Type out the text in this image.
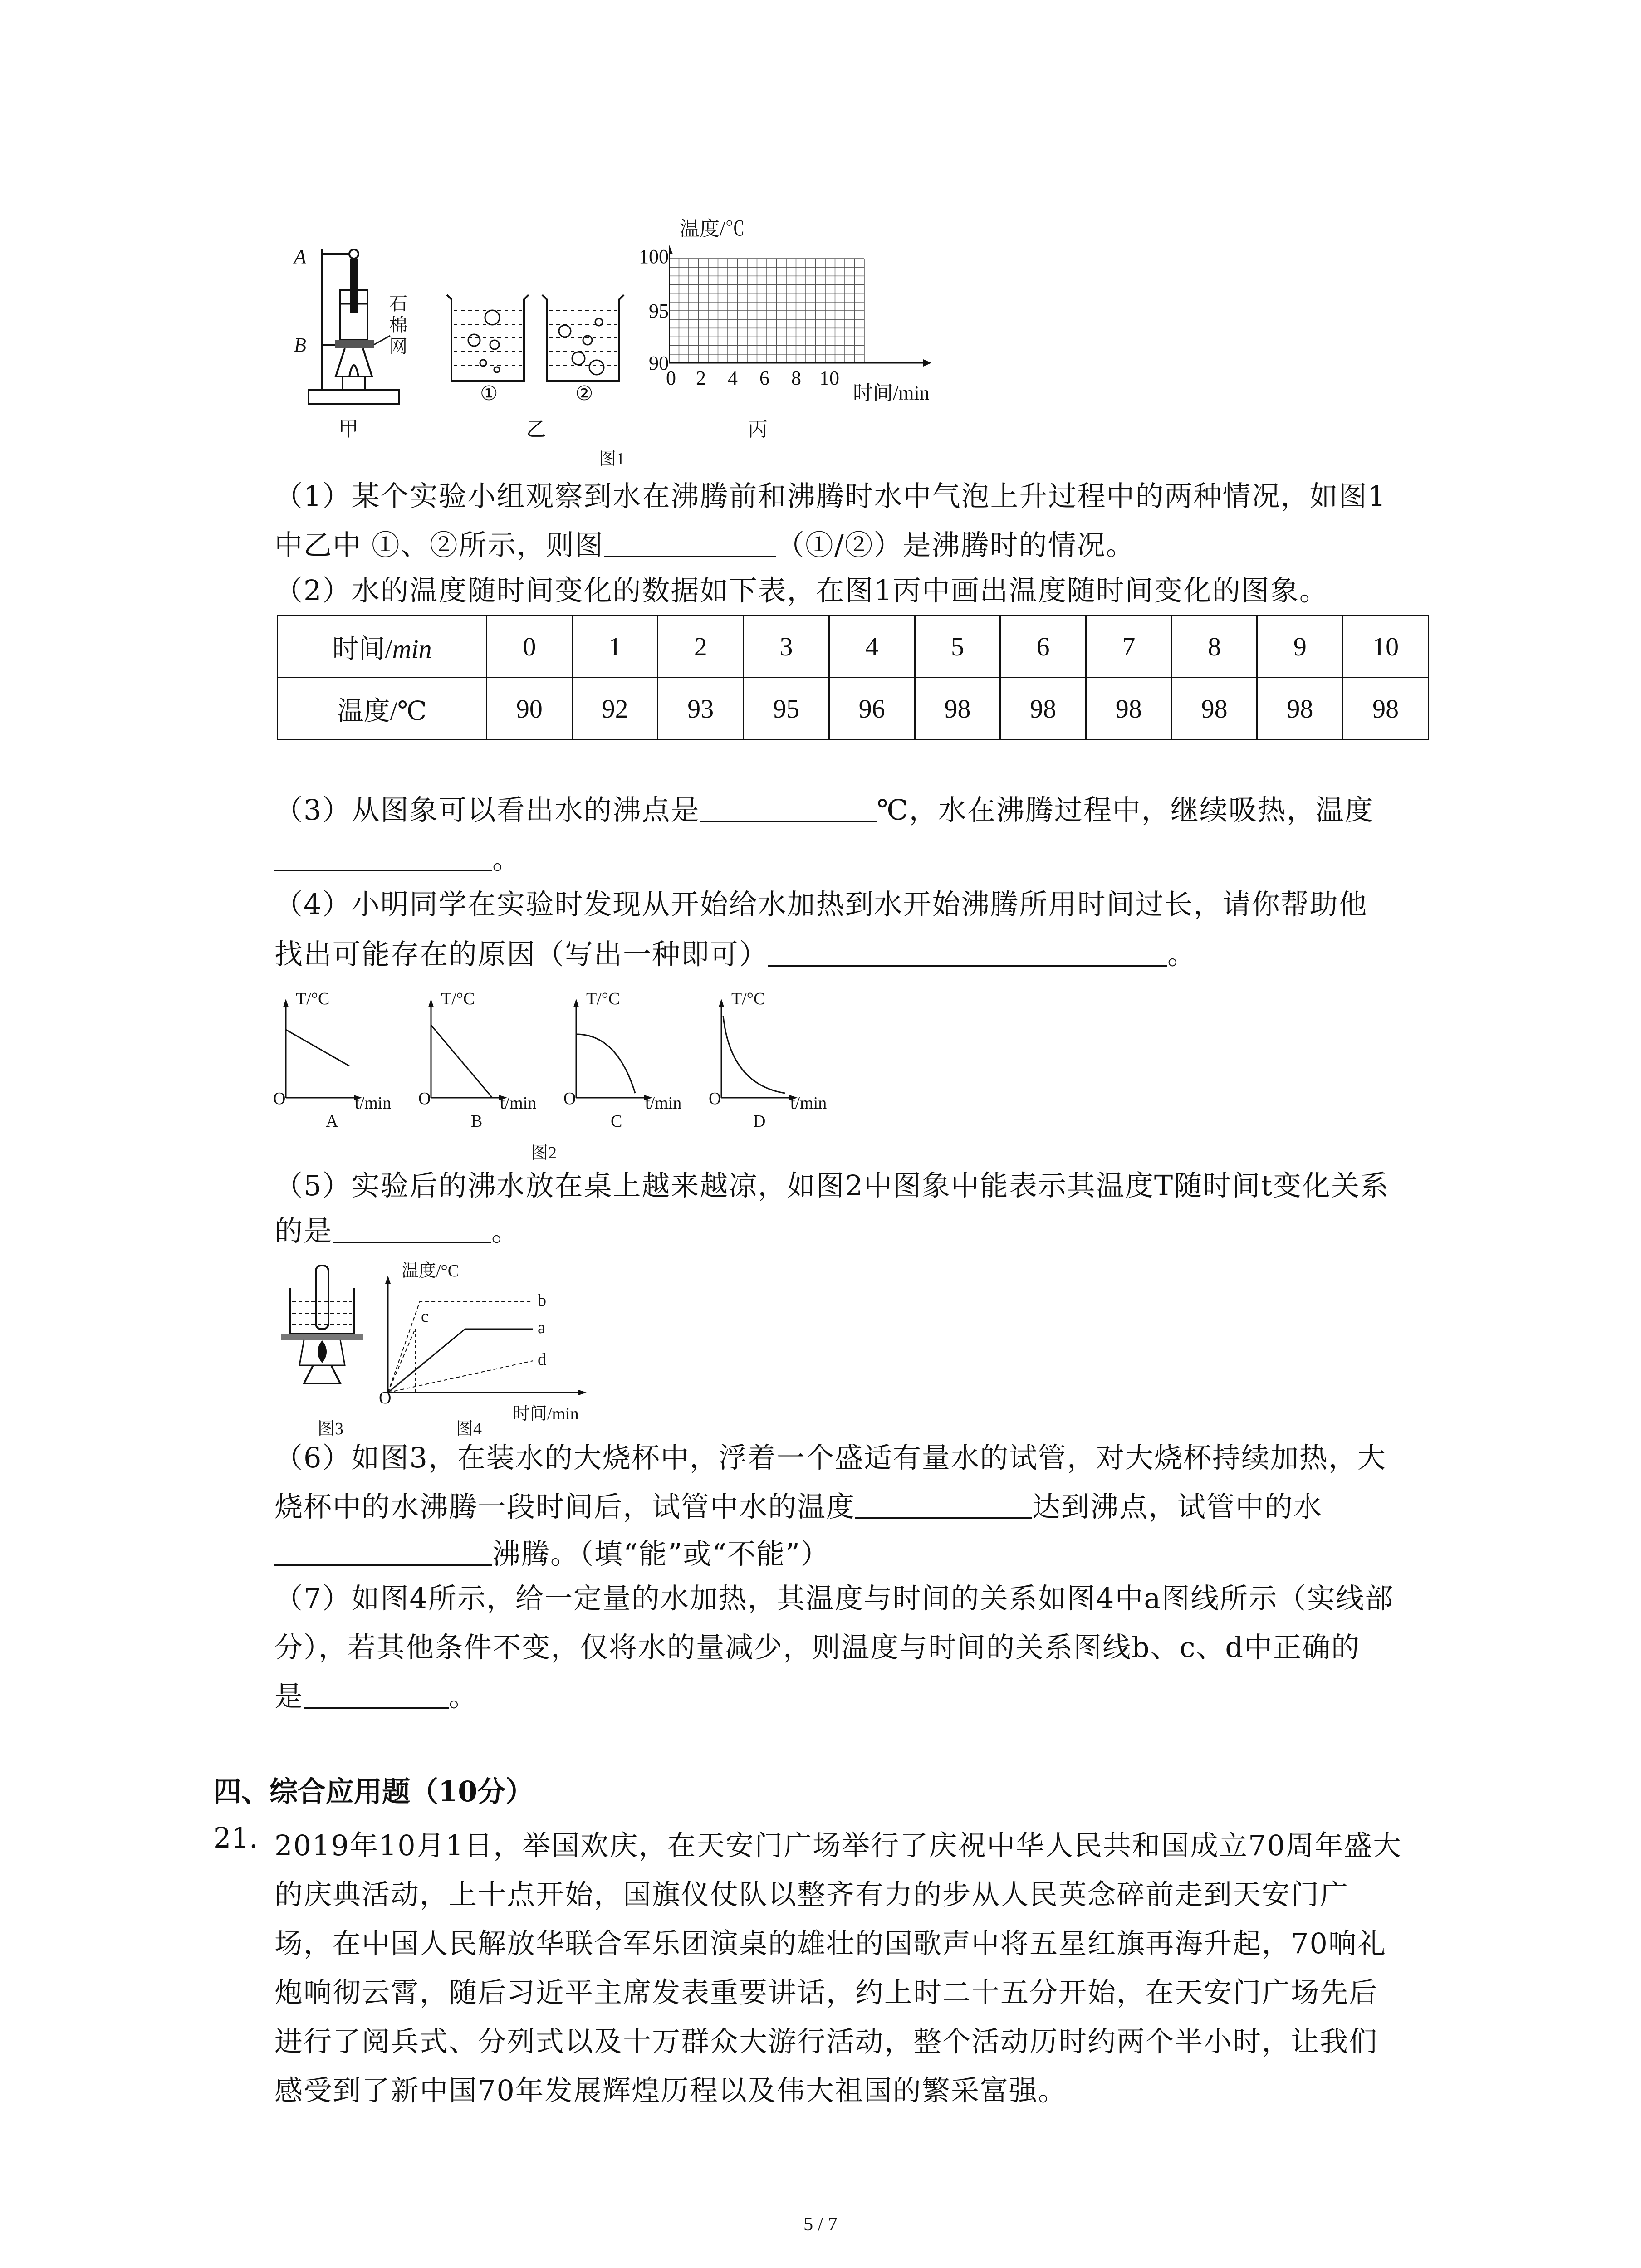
A
B
石
棉
网
①	②
温度/℃
100
95
90
0 2 4 6 8 10
时间/min
甲	乙	丙
图1
（1）某个实验小组观察到水在沸腾前和沸腾时水中气泡上升过程中的两种情况，如图1
中乙中 ①、②所示，则图	（①/②）是沸腾时的情况。
（2）水的温度随时间变化的数据如下表，在图1丙中画出温度随时间变化的图象。
时间/min	0	1	2	3	4	5	6	7	8	9	10
温度/℃	90	92	93	95	96	98	98	98	98	98	98
（3）从图象可以看出水的沸点是	℃，水在沸腾过程中，继续吸热，温度
。
（4）小明同学在实验时发现从开始给水加热到水开始沸腾所用时间过长，请你帮助他
找出可能存在的原因（写出一种即可）	。
T/°C	T/°C	T/°C	T/°C
O	O	O	O
t/min	t/min	t/min	t/min
A	B	C	D
图2
（5）实验后的沸水放在桌上越来越凉，如图2中图象中能表示其温度T随时间t变化关系
的是	。
温度/°C
O
时间/min
b
c
a
d
图3	图4
（6）如图3，在装水的大烧杯中，浮着一个盛适有量水的试管，对大烧杯持续加热，大
烧杯中的水沸腾一段时间后，试管中水的温度	达到沸点，试管中的水
沸腾。（填“能”或“不能”）
（7）如图4所示，给一定量的水加热，其温度与时间的关系如图4中a图线所示（实线部
分），若其他条件不变，仅将水的量减少，则温度与时间的关系图线b、c、d中正确的
是	。
四、综合应用题（10分）
21. 2019年10月1日，举国欢庆，在天安门广场举行了庆祝中华人民共和国成立70周年盛大
的庆典活动，上十点开始，国旗仪仗队以整齐有力的步从人民英念碎前走到天安门广
场，在中国人民解放华联合军乐团演桌的雄壮的国歌声中将五星红旗再海升起，70响礼
炮响彻云霄，随后习近平主席发表重要讲话，约上时二十五分开始，在天安门广场先后
进行了阅兵式、分列式以及十万群众大游行活动，整个活动历时约两个半小时，让我们
感受到了新中国70年发展辉煌历程以及伟大祖国的繁采富强。
5 / 7
